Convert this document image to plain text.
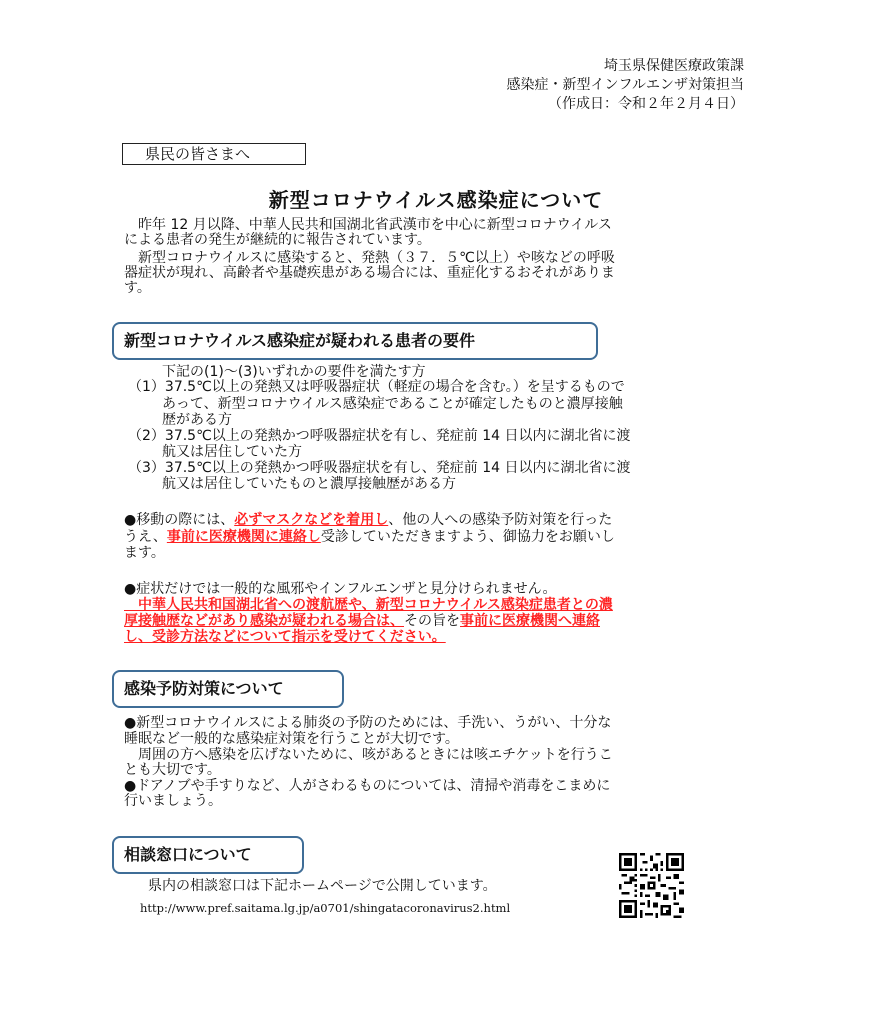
埼玉県保健医療政策課
感染症・新型インフルエンザ対策担当
（作成日：令和２年２月４日）
県民の皆さまへ
新型コロナウイルス感染症について
　昨年 12 月以降、中華人民共和国湖北省武漢市を中心に新型コロナウイルス
による患者の発生が継続的に報告されています。
　新型コロナウイルスに感染すると、発熱（３７．５℃以上）や咳などの呼吸
器症状が現れ、高齢者や基礎疾患がある場合には、重症化するおそれがありま
す。
新型コロナウイルス感染症が疑われる患者の要件
下記の(1)～(3)いずれかの要件を満たす方
（1）37.5℃以上の発熱又は呼吸器症状（軽症の場合を含む。）を呈するもので
あって、新型コロナウイルス感染症であることが確定したものと濃厚接触
歴がある方
（2）37.5℃以上の発熱かつ呼吸器症状を有し、発症前 14 日以内に湖北省に渡
航又は居住していた方
（3）37.5℃以上の発熱かつ呼吸器症状を有し、発症前 14 日以内に湖北省に渡
航又は居住していたものと濃厚接触歴がある方
●移動の際には、必ずマスクなどを着用し、他の人への感染予防対策を行った
うえ、事前に医療機関に連絡し受診していただきますよう、御協力をお願いし
ます。
●症状だけでは一般的な風邪やインフルエンザと見分けられません。
　中華人民共和国湖北省への渡航歴や、新型コロナウイルス感染症患者との濃
厚接触歴などがあり感染が疑われる場合は、その旨を事前に医療機関へ連絡
し、受診方法などについて指示を受けてください。
感染予防対策について
●新型コロナウイルスによる肺炎の予防のためには、手洗い、うがい、十分な
睡眠など一般的な感染症対策を行うことが大切です。
　周囲の方へ感染を広げないために、咳があるときには咳エチケットを行うこ
とも大切です。
●ドアノブや手すりなど、人がさわるものについては、清掃や消毒をこまめに
行いましょう。
相談窓口について
県内の相談窓口は下記ホームページで公開しています。
http://www.pref.saitama.lg.jp/a0701/shingatacoronavirus2.html
